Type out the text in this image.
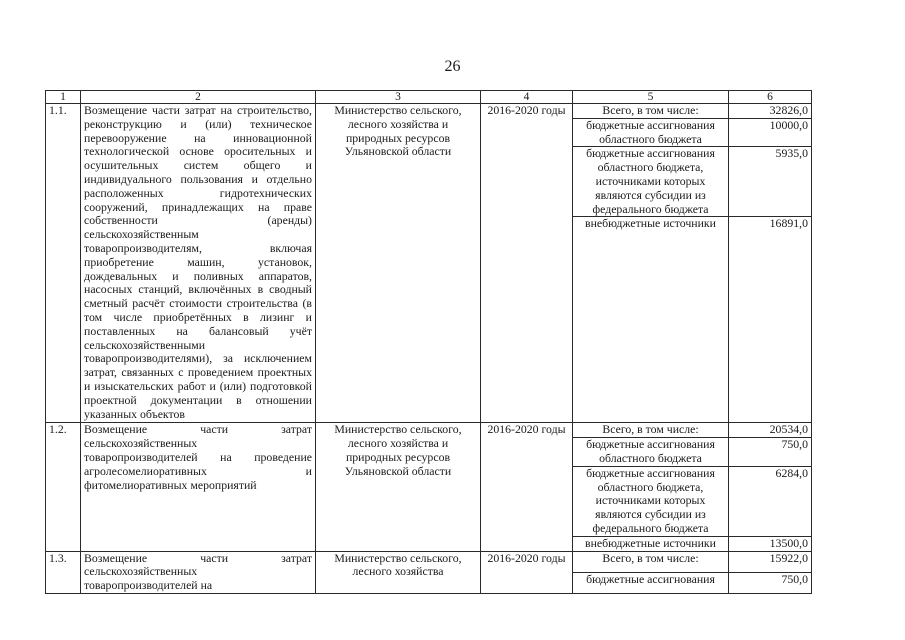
26
1	2	3	4	5	6
1.1.	Возмещение части затрат на строительство, реконструкцию и (или) техническое перевооружение на инновационной технологической основе оросительных и осушительных систем общего и индивидуального пользования и отдельно расположенных гидротехнических сооружений, принадлежащих на праве собственности (аренды) сельскохозяйственным товаропроизводителям, включая приобретение машин, установок, дождевальных и поливных аппаратов, насосных станций, включённых в сводный сметный расчёт стоимости строительства (в том числе приобретённых в лизинг и поставленных на балансовый учёт сельскохозяйственными товаропроизводителями), за исключением затрат, связанных с проведением проектных и изыскательских работ и (или) подготовкой проектной документации в отношении указанных объектов	Министерство сельского, лесного хозяйства и природных ресурсов Ульяновской области	2016-2020 годы	Всего, в том числе:	32826,0
				бюджетные ассигнования областного бюджета	10000,0
				бюджетные ассигнования областного бюджета, источниками которых являются субсидии из федерального бюджета	5935,0
				внебюджетные источники	16891,0
1.2.	Возмещение части затрат сельскохозяйственных товаропроизводителей на проведение агролесомелиоративных и фитомелиоративных мероприятий	Министерство сельского, лесного хозяйства и природных ресурсов Ульяновской области	2016-2020 годы	Всего, в том числе:	20534,0
				бюджетные ассигнования областного бюджета	750,0
				бюджетные ассигнования областного бюджета, источниками которых являются субсидии из федерального бюджета	6284,0
				внебюджетные источники	13500,0
1.3.	Возмещение части затрат сельскохозяйственных товаропроизводителей на	Министерство сельского, лесного хозяйства	2016-2020 годы	Всего, в том числе:	15922,0
				бюджетные ассигнования	750,0
